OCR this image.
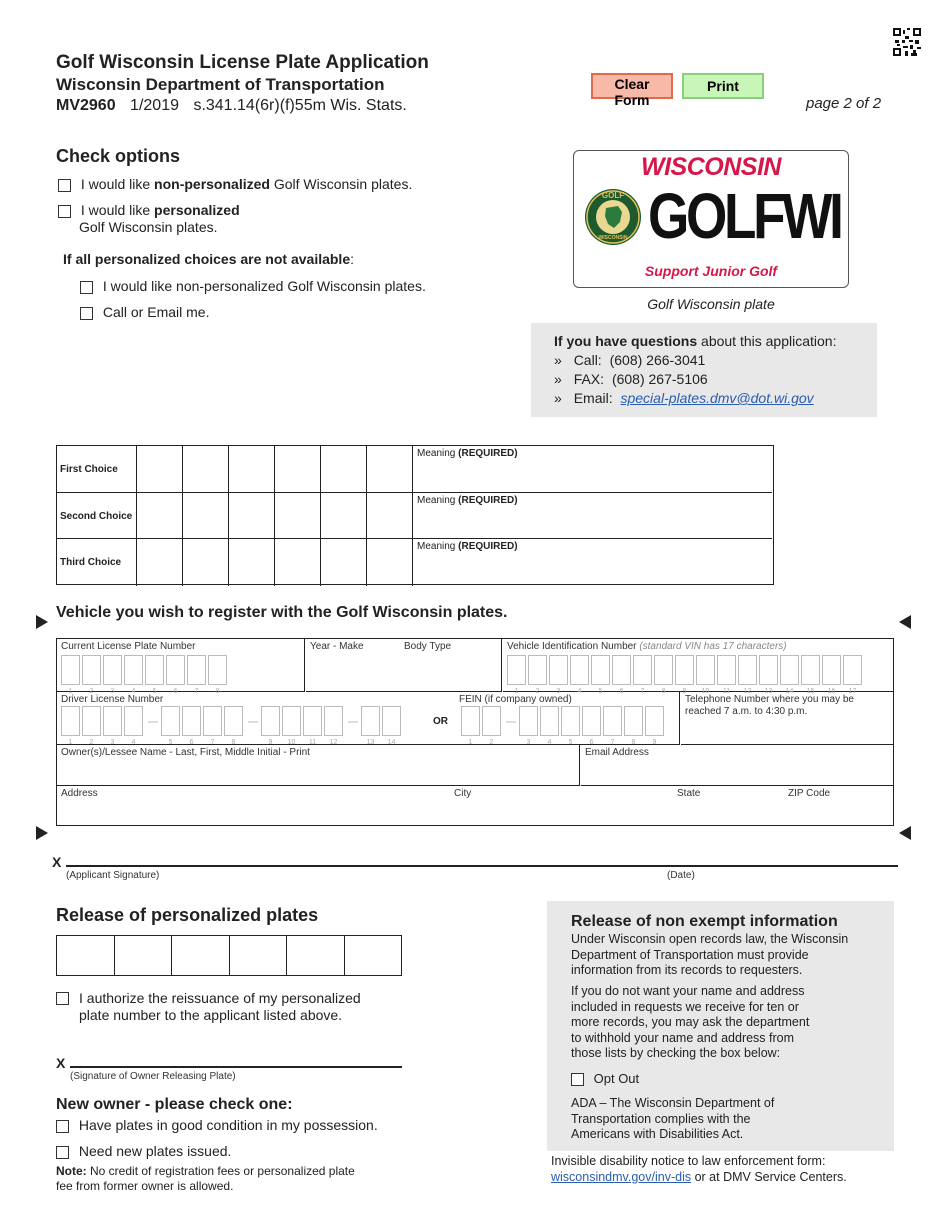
Golf Wisconsin License Plate Application
Wisconsin Department of Transportation
MV2960 1/2019 s.341.14(6r)(f)55m Wis. Stats.
Clear Form
Print
page 2 of 2
Check options
I would like non-personalized Golf Wisconsin plates.
I would like personalized
Golf Wisconsin plates.
If all personalized choices are not available:
I would like non-personalized Golf Wisconsin plates.
Call or Email me.
WISCONSIN
GOLF
WISCONSIN GOLFWI
Support Junior Golf
Golf Wisconsin plate
If you have questions about this application:
» Call: (608) 266-3041
» FAX: (608) 267-5106
» Email: special-plates.dmv@dot.wi.gov
First Choice
Meaning (REQUIRED)
Second Choice
Meaning (REQUIRED)
Third Choice
Meaning (REQUIRED)
Vehicle you wish to register with the Golf Wisconsin plates.
Current License Plate Number
1	2	3	4	5	6	7	8
Year - Make	Body Type	Vehicle Identification Number (standard VIN has 17 characters)
1	2	3	4	5	6	7	8	9	10	11	12	13	14	15	16	17
Driver License Number
1	2	3	4	5	6	7	8	9	10	11	12	13	14
OR
FEIN (if company owned)
1	2	3	4	5	6	7	8	9
Telephone Number where you may be reached 7 a.m. to 4:30 p.m.
Owner(s)/Lessee Name - Last, First, Middle Initial - Print	Email Address
Address	City	State	ZIP Code
X
(Applicant Signature)	(Date)
Release of personalized plates
I authorize the reissuance of my personalized plate number to the applicant listed above.
X
(Signature of Owner Releasing Plate)
New owner - please check one:
Have plates in good condition in my possession.
Need new plates issued.
Note: No credit of registration fees or personalized plate fee from former owner is allowed.
Release of non exempt information
Under Wisconsin open records law, the Wisconsin Department of Transportation must provide information from its records to requesters.
If you do not want your name and address included in requests we receive for ten or more records, you may ask the department to withhold your name and address from those lists by checking the box below:
Opt Out
ADA – The Wisconsin Department of Transportation complies with the Americans with Disabilities Act.
Invisible disability notice to law enforcement form:
wisconsindmv.gov/inv-dis or at DMV Service Centers.
